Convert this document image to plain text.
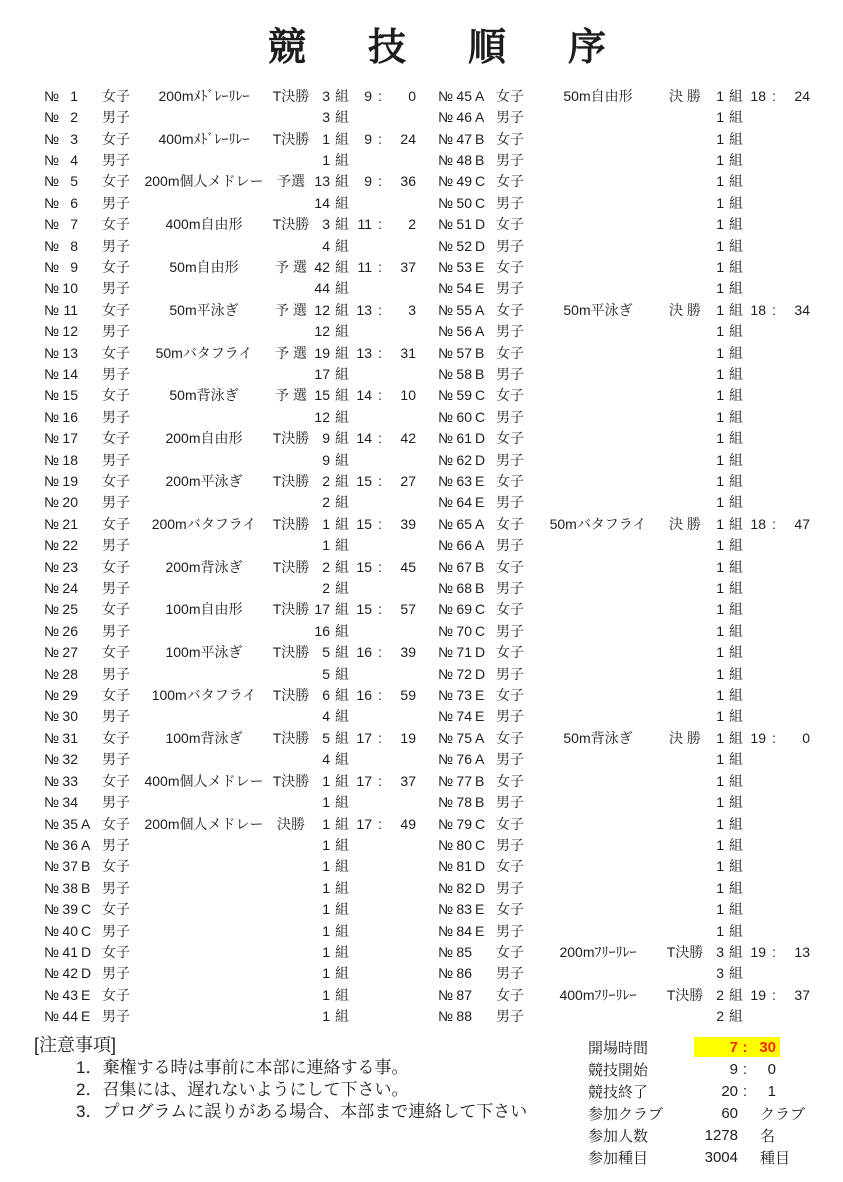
競技順序
№ 1 女子	200mﾒﾄﾞﾚｰﾘﾚｰ	T決勝 3 組	9 :	0
№ 2 男子	3 組
№ 3 女子	400mﾒﾄﾞﾚｰﾘﾚｰ	T決勝 1 組	9 :	24
№ 4 男子	1 組
№ 5 女子	200m個人メドレー 予選 13 組	9 :	36
№ 6 男子	14 組
№ 7 女子	400m自由形	T決勝 3 組 11 :	2
№ 8 男子	4 組
№ 9 女子	50m自由形	予 選 42 組 11 :	37
№ 10 男子	44 組
№ 11 女子	50m平泳ぎ	予 選 12 組 13 :	3
№ 12 男子	12 組
№ 13 女子	50mバタフライ	予 選 19 組 13 :	31
№ 14 男子	17 組
№ 15 女子	50m背泳ぎ	予 選 15 組 14 :	10
№ 16 男子	12 組
№ 17 女子	200m自由形	T決勝 9 組 14 :	42
№ 18 男子	9 組
№ 19 女子	200m平泳ぎ	T決勝 2 組 15 :	27
№ 20 男子	2 組
№ 21 女子	200mバタフライ	T決勝 1 組 15 :	39
№ 22 男子	1 組
№ 23 女子	200m背泳ぎ	T決勝 2 組 15 :	45
№ 24 男子	2 組
№ 25 女子	100m自由形	T決勝 17 組 15 :	57
№ 26 男子	16 組
№ 27 女子	100m平泳ぎ	T決勝 5 組 16 :	39
№ 28 男子	5 組
№ 29 女子	100mバタフライ	T決勝 6 組 16 :	59
№ 30 男子	4 組
№ 31 女子	100m背泳ぎ	T決勝 5 組 17 :	19
№ 32 男子	4 組
№ 33 女子	400m個人メドレー T決勝 1 組 17 :	37
№ 34 男子	1 組
№ 35 A 女子	200m個人メドレー 決勝	1 組 17 :	49
№ 36 A 男子	1 組
№ 37 B 女子	1 組
№ 38 B 男子	1 組
№ 39 C 女子	1 組
№ 40 C 男子	1 組
№ 41 D 女子	1 組
№ 42 D 男子	1 組
№ 43 E 女子	1 組
№ 44 E 男子	1 組
№ 45 A 女子	50m自由形	決 勝	1 組 18 :	24
№ 46 A 男子	1 組
№ 47 B 女子	1 組
№ 48 B 男子	1 組
№ 49 C 女子	1 組
№ 50 C 男子	1 組
№ 51 D 女子	1 組
№ 52 D 男子	1 組
№ 53 E 女子	1 組
№ 54 E 男子	1 組
№ 55 A 女子	50m平泳ぎ	決 勝	1 組 18 :	34
№ 56 A 男子	1 組
№ 57 B 女子	1 組
№ 58 B 男子	1 組
№ 59 C 女子	1 組
№ 60 C 男子	1 組
№ 61 D 女子	1 組
№ 62 D 男子	1 組
№ 63 E 女子	1 組
№ 64 E 男子	1 組
№ 65 A 女子	50mバタフライ	決 勝	1 組 18 :	47
№ 66 A 男子	1 組
№ 67 B 女子	1 組
№ 68 B 男子	1 組
№ 69 C 女子	1 組
№ 70 C 男子	1 組
№ 71 D 女子	1 組
№ 72 D 男子	1 組
№ 73 E 女子	1 組
№ 74 E 男子	1 組
№ 75 A 女子	50m背泳ぎ	決 勝	1 組 19 :	0
№ 76 A 男子	1 組
№ 77 B 女子	1 組
№ 78 B 男子	1 組
№ 79 C 女子	1 組
№ 80 C 男子	1 組
№ 81 D 女子	1 組
№ 82 D 男子	1 組
№ 83 E 女子	1 組
№ 84 E 男子	1 組
№ 85 女子	200mﾌﾘｰﾘﾚｰ	T決勝 3 組 19 :	13
№ 86 男子	3 組
№ 87 女子	400mﾌﾘｰﾘﾚｰ	T決勝 2 組 19 :	37
№ 88 男子	2 組
[注意事項]
1．棄権する時は事前に本部に連絡する事。
2．召集には、遅れないようにして下さい。
3．プログラムに誤りがある場合、本部まで連絡して下さい
開場時間	7 : 30
競技開始	9 :	0
競技終了	20 :	1
参加クラブ	60	クラブ
参加人数	1278	名
参加種目	3004	種目
